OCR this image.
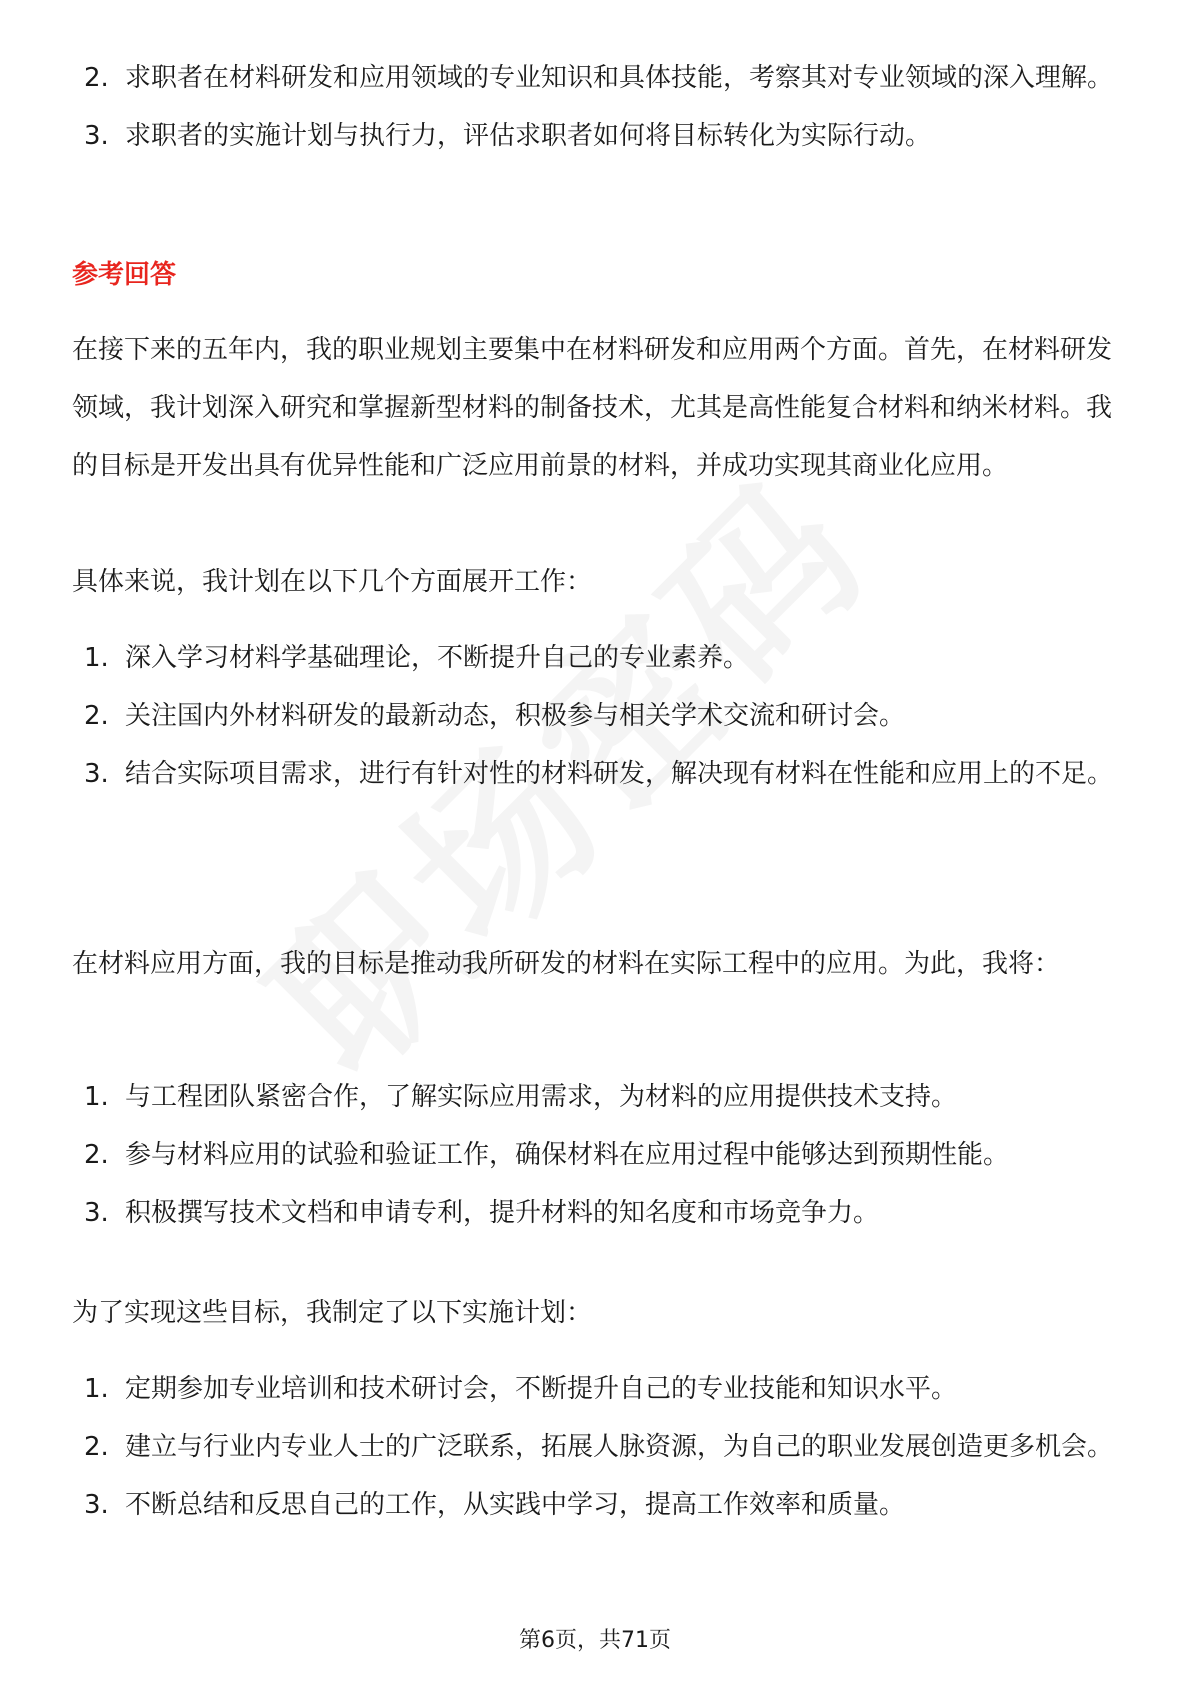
2. 求职者在材料研发和应用领域的专业知识和具体技能，考察其对专业领域的深入理解。
3. 求职者的实施计划与执行力，评估求职者如何将目标转化为实际行动。
参考回答

在接下来的五年内，我的职业规划主要集中在材料研发和应用两个方面。首先，在材料研发领域，我计划深入研究和掌握新型材料的制备技术，尤其是高性能复合材料和纳米材料。我的目标是开发出具有优异性能和广泛应用前景的材料，并成功实现其商业化应用。

具体来说，我计划在以下几个方面展开工作：

1. 深入学习材料学基础理论，不断提升自己的专业素养。
2. 关注国内外材料研发的最新动态，积极参与相关学术交流和研讨会。
3. 结合实际项目需求，进行有针对性的材料研发，解决现有材料在性能和应用上的不足。

在材料应用方面，我的目标是推动我所研发的材料在实际工程中的应用。为此，我将：

1. 与工程团队紧密合作，了解实际应用需求，为材料的应用提供技术支持。
2. 参与材料应用的试验和验证工作，确保材料在应用过程中能够达到预期性能。
3. 积极撰写技术文档和申请专利，提升材料的知名度和市场竞争力。

为了实现这些目标，我制定了以下实施计划：

1. 定期参加专业培训和技术研讨会，不断提升自己的专业技能和知识水平。
2. 建立与行业内专业人士的广泛联系，拓展人脉资源，为自己的职业发展创造更多机会。
3. 不断总结和反思自己的工作，从实践中学习，提高工作效率和质量。
第6页，共71页
